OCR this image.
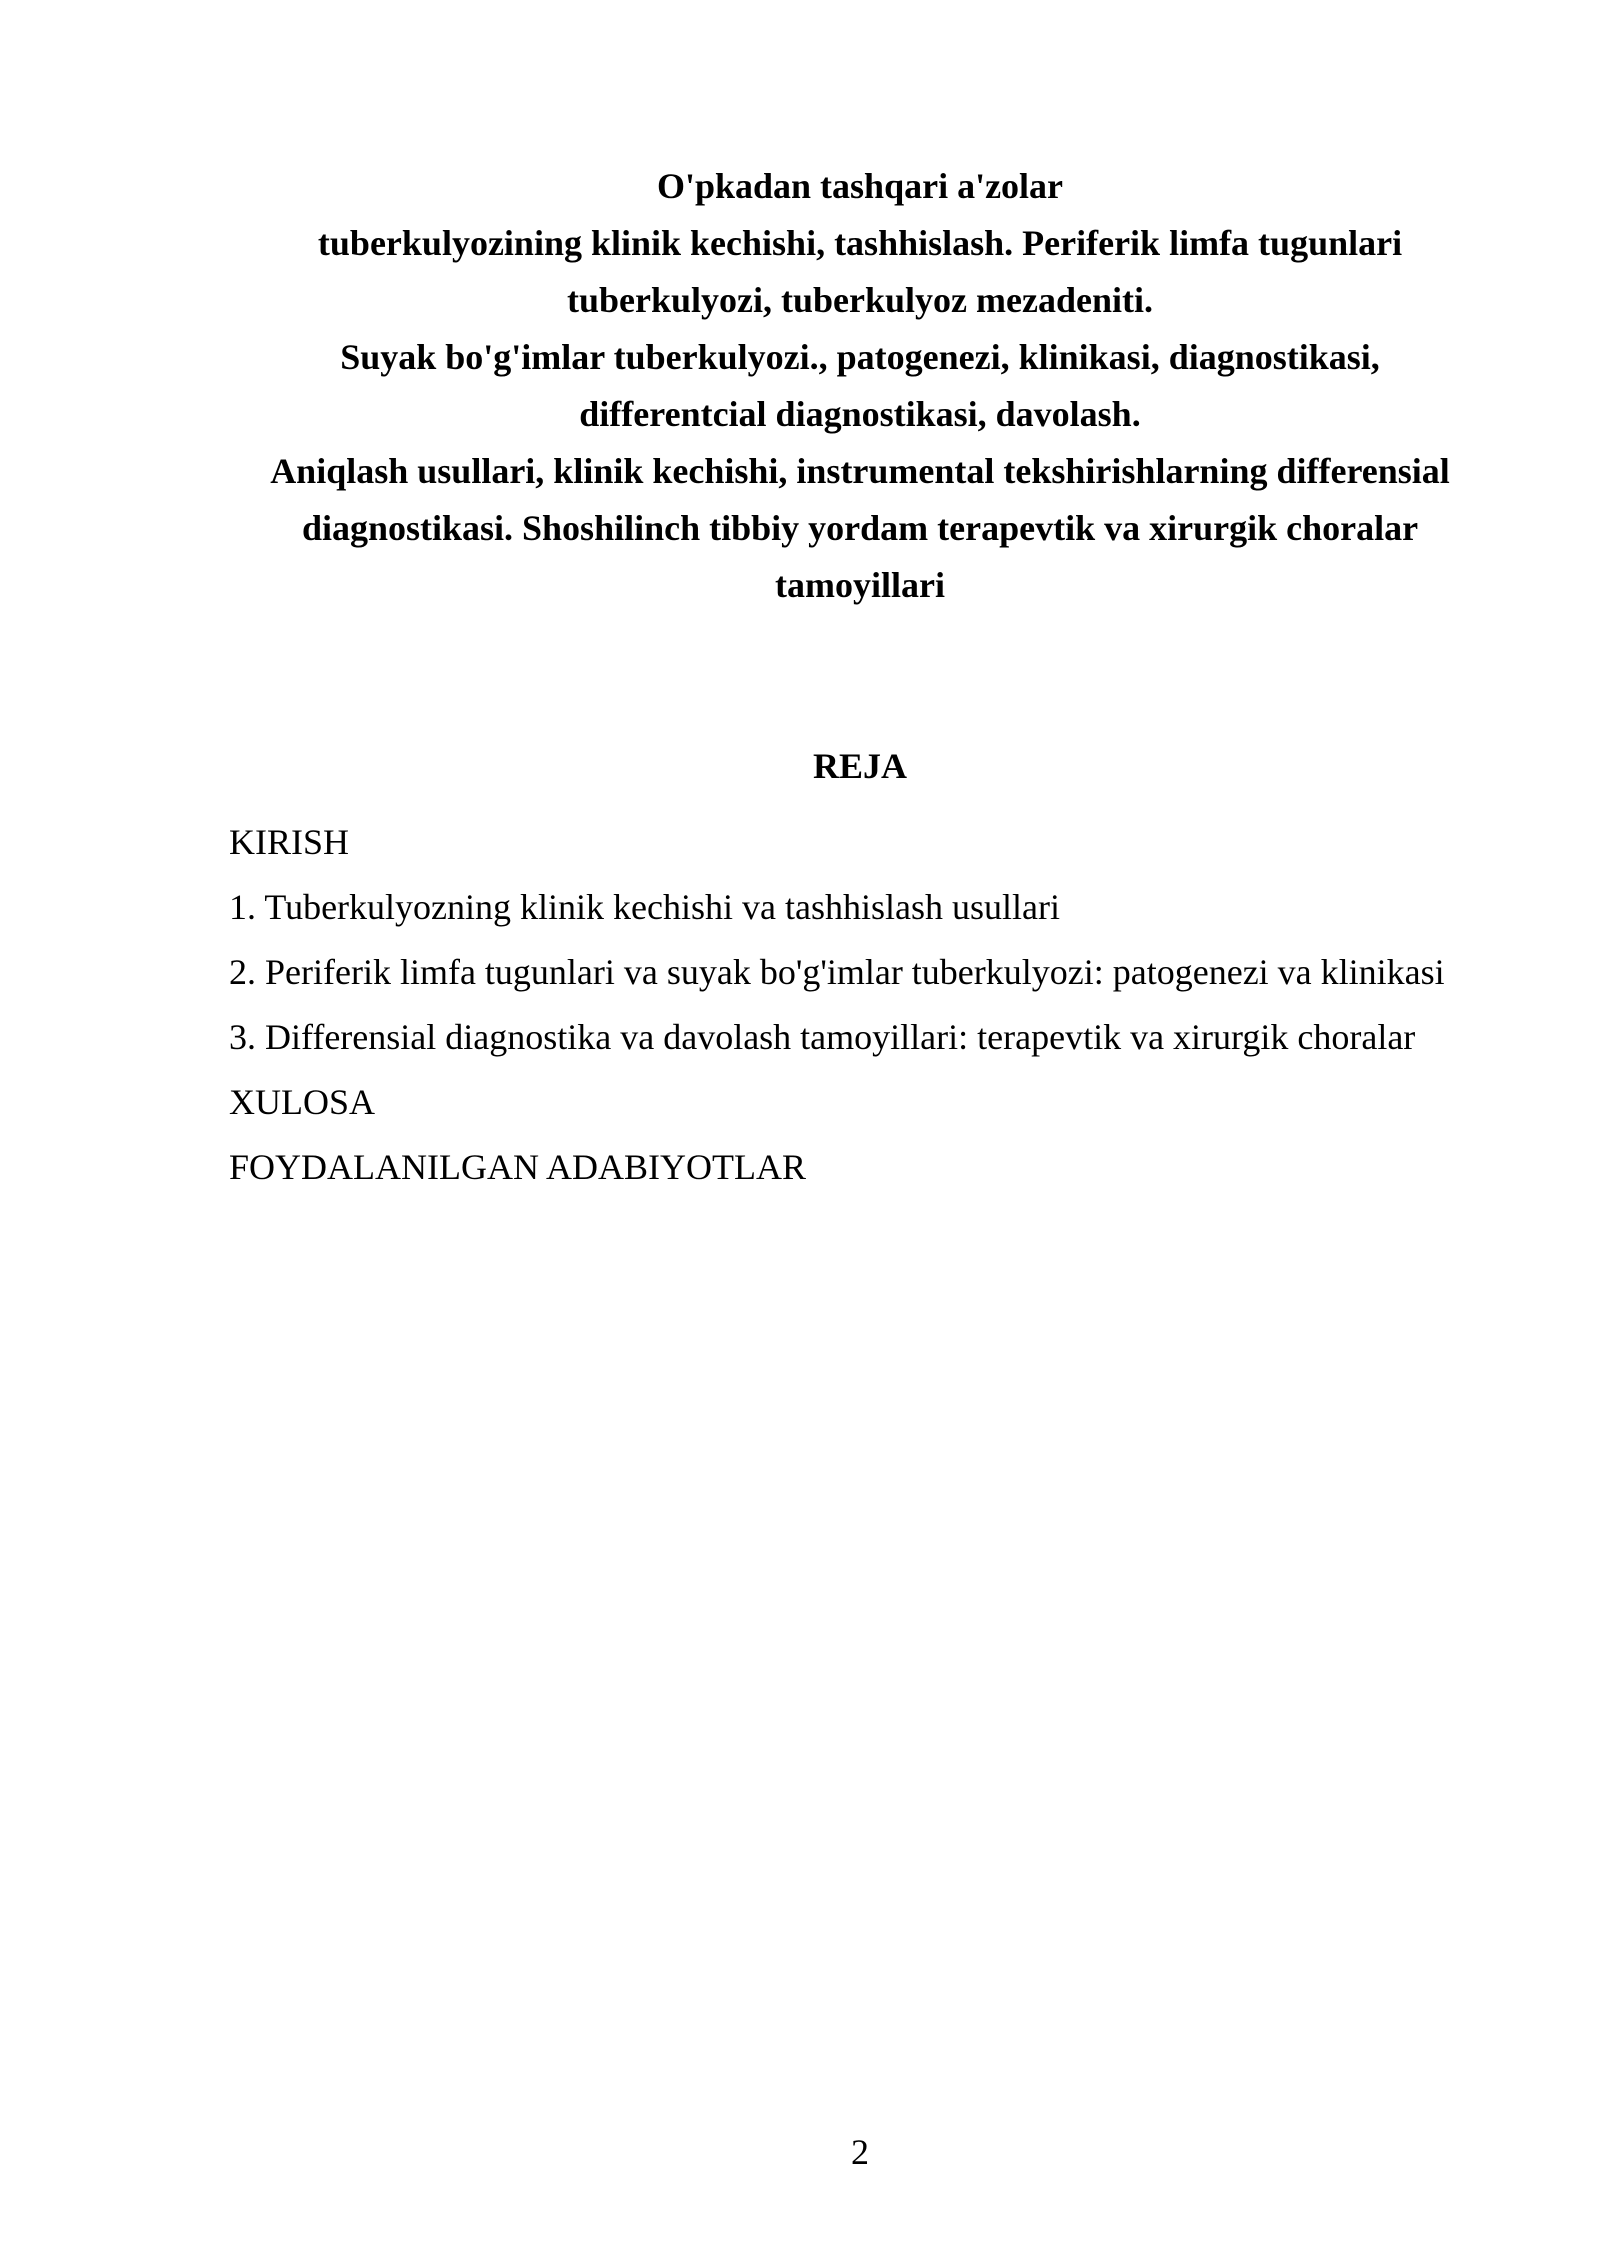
O'pkadan tashqari a'zolar
tuberkulyozining klinik kechishi, tashhislash. Periferik limfa tugunlari
tuberkulyozi, tuberkulyoz mezadeniti.
Suyak bo'g'imlar tuberkulyozi., patogenezi, klinikasi, diagnostikasi,
differentcial diagnostikasi, davolash.
Aniqlash usullari, klinik kechishi, instrumental tekshirishlarning differensial
diagnostikasi. Shoshilinch tibbiy yordam terapevtik va xirurgik choralar
tamoyillari
REJA
KIRISH
1. Tuberkulyozning klinik kechishi va tashhislash usullari
2. Periferik limfa tugunlari va suyak bo'g'imlar tuberkulyozi: patogenezi va klinikasi
3. Differensial diagnostika va davolash tamoyillari: terapevtik va xirurgik choralar
XULOSA
FOYDALANILGAN ADABIYOTLAR
2
